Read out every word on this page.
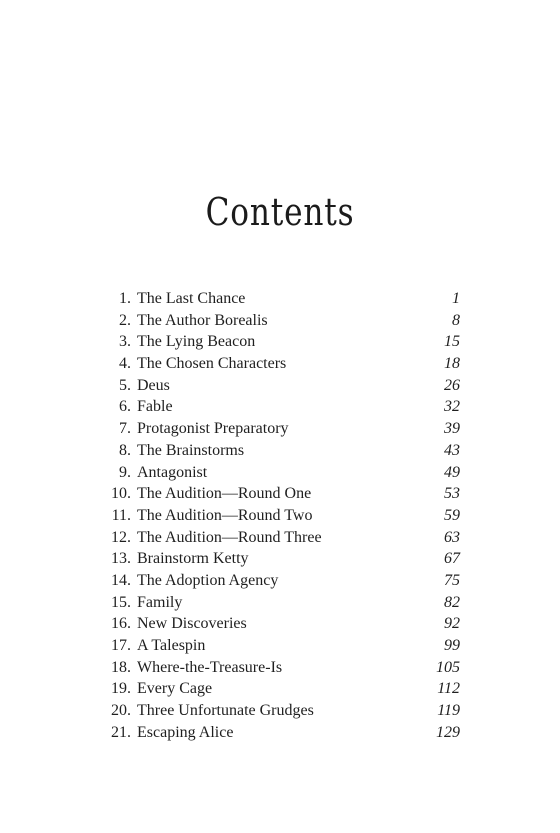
Contents
1. The Last Chance	1
2. The Author Borealis	8
3. The Lying Beacon	15
4. The Chosen Characters	18
5. Deus	26
6. Fable	32
7. Protagonist Preparatory	39
8. The Brainstorms	43
9. Antagonist	49
10. The Audition—Round One	53
11. The Audition—Round Two	59
12. The Audition—Round Three	63
13. Brainstorm Ketty	67
14. The Adoption Agency	75
15. Family	82
16. New Discoveries	92
17. A Talespin	99
18. Where-the-Treasure-Is	105
19. Every Cage	112
20. Three Unfortunate Grudges	119
21. Escaping Alice	129
